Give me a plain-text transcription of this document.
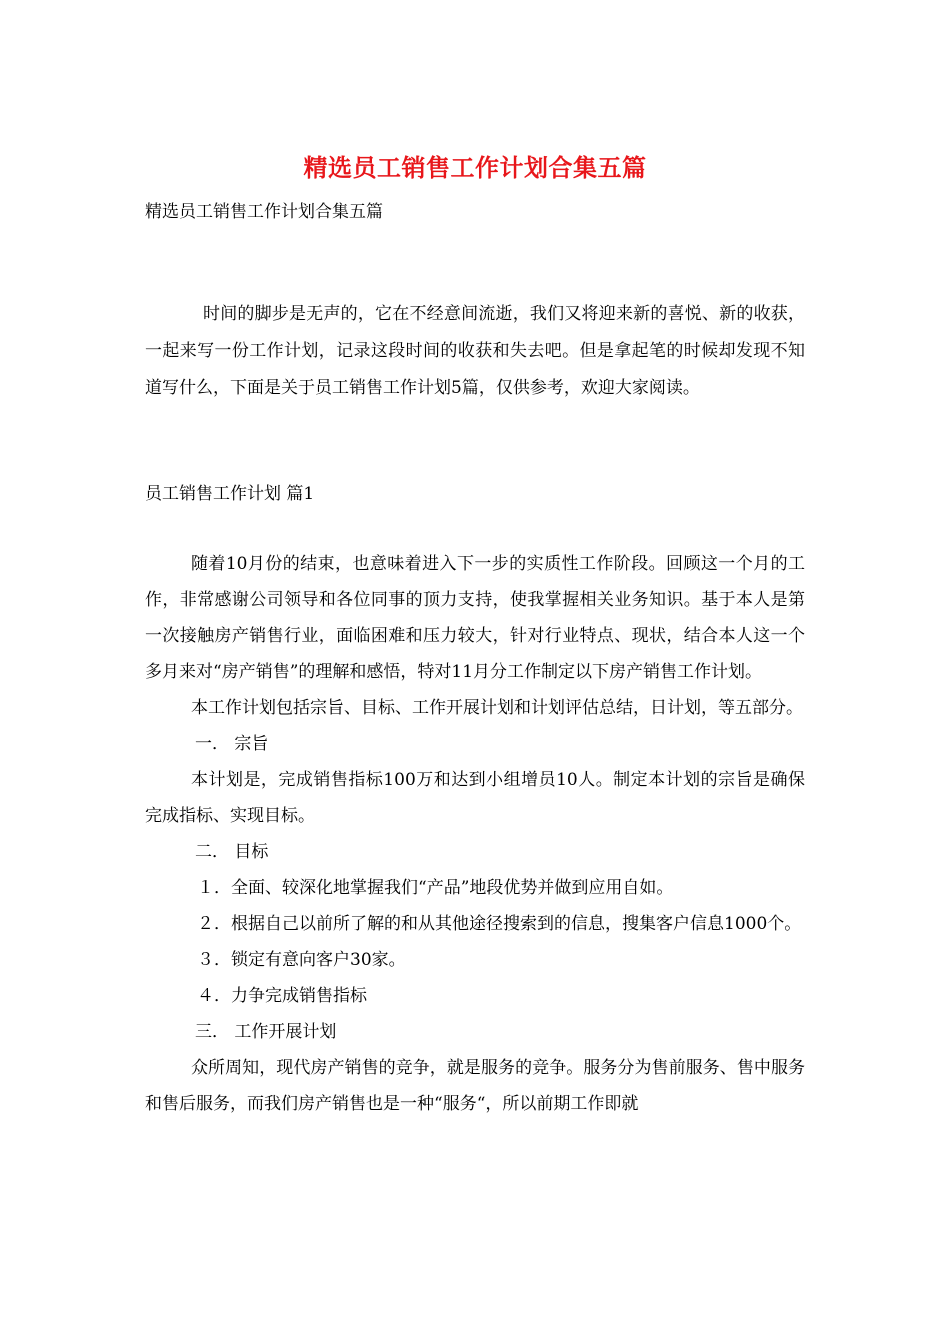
精选员工销售工作计划合集五篇
精选员工销售工作计划合集五篇

时间的脚步是无声的，它在不经意间流逝，我们又将迎来新的喜悦、新的收获，一起来写一份工作计划，记录这段时间的收获和失去吧。但是拿起笔的时候却发现不知道写什么，下面是关于员工销售工作计划5篇，仅供参考，欢迎大家阅读。

员工销售工作计划 篇1

随着10月份的结束，也意味着进入下一步的实质性工作阶段。回顾这一个月的工作，非常感谢公司领导和各位同事的顶力支持，使我掌握相关业务知识。基于本人是第一次接触房产销售行业，面临困难和压力较大，针对行业特点、现状，结合本人这一个多月来对“房产销售”的理解和感悟，特对11月分工作制定以下房产销售工作计划。

本工作计划包括宗旨、目标、工作开展计划和计划评估总结，日计划，等五部分。

一． 宗旨

本计划是，完成销售指标100万和达到小组增员10人。制定本计划的宗旨是确保完成指标、实现目标。

二． 目标

１．全面、较深化地掌握我们“产品”地段优势并做到应用自如。

２．根据自己以前所了解的和从其他途径搜索到的信息，搜集客户信息1000个。

３．锁定有意向客户30家。

４．力争完成销售指标

三． 工作开展计划

众所周知，现代房产销售的竞争，就是服务的竞争。服务分为售前服务、售中服务和售后服务，而我们房产销售也是一种“服务“，所以前期工作即就
